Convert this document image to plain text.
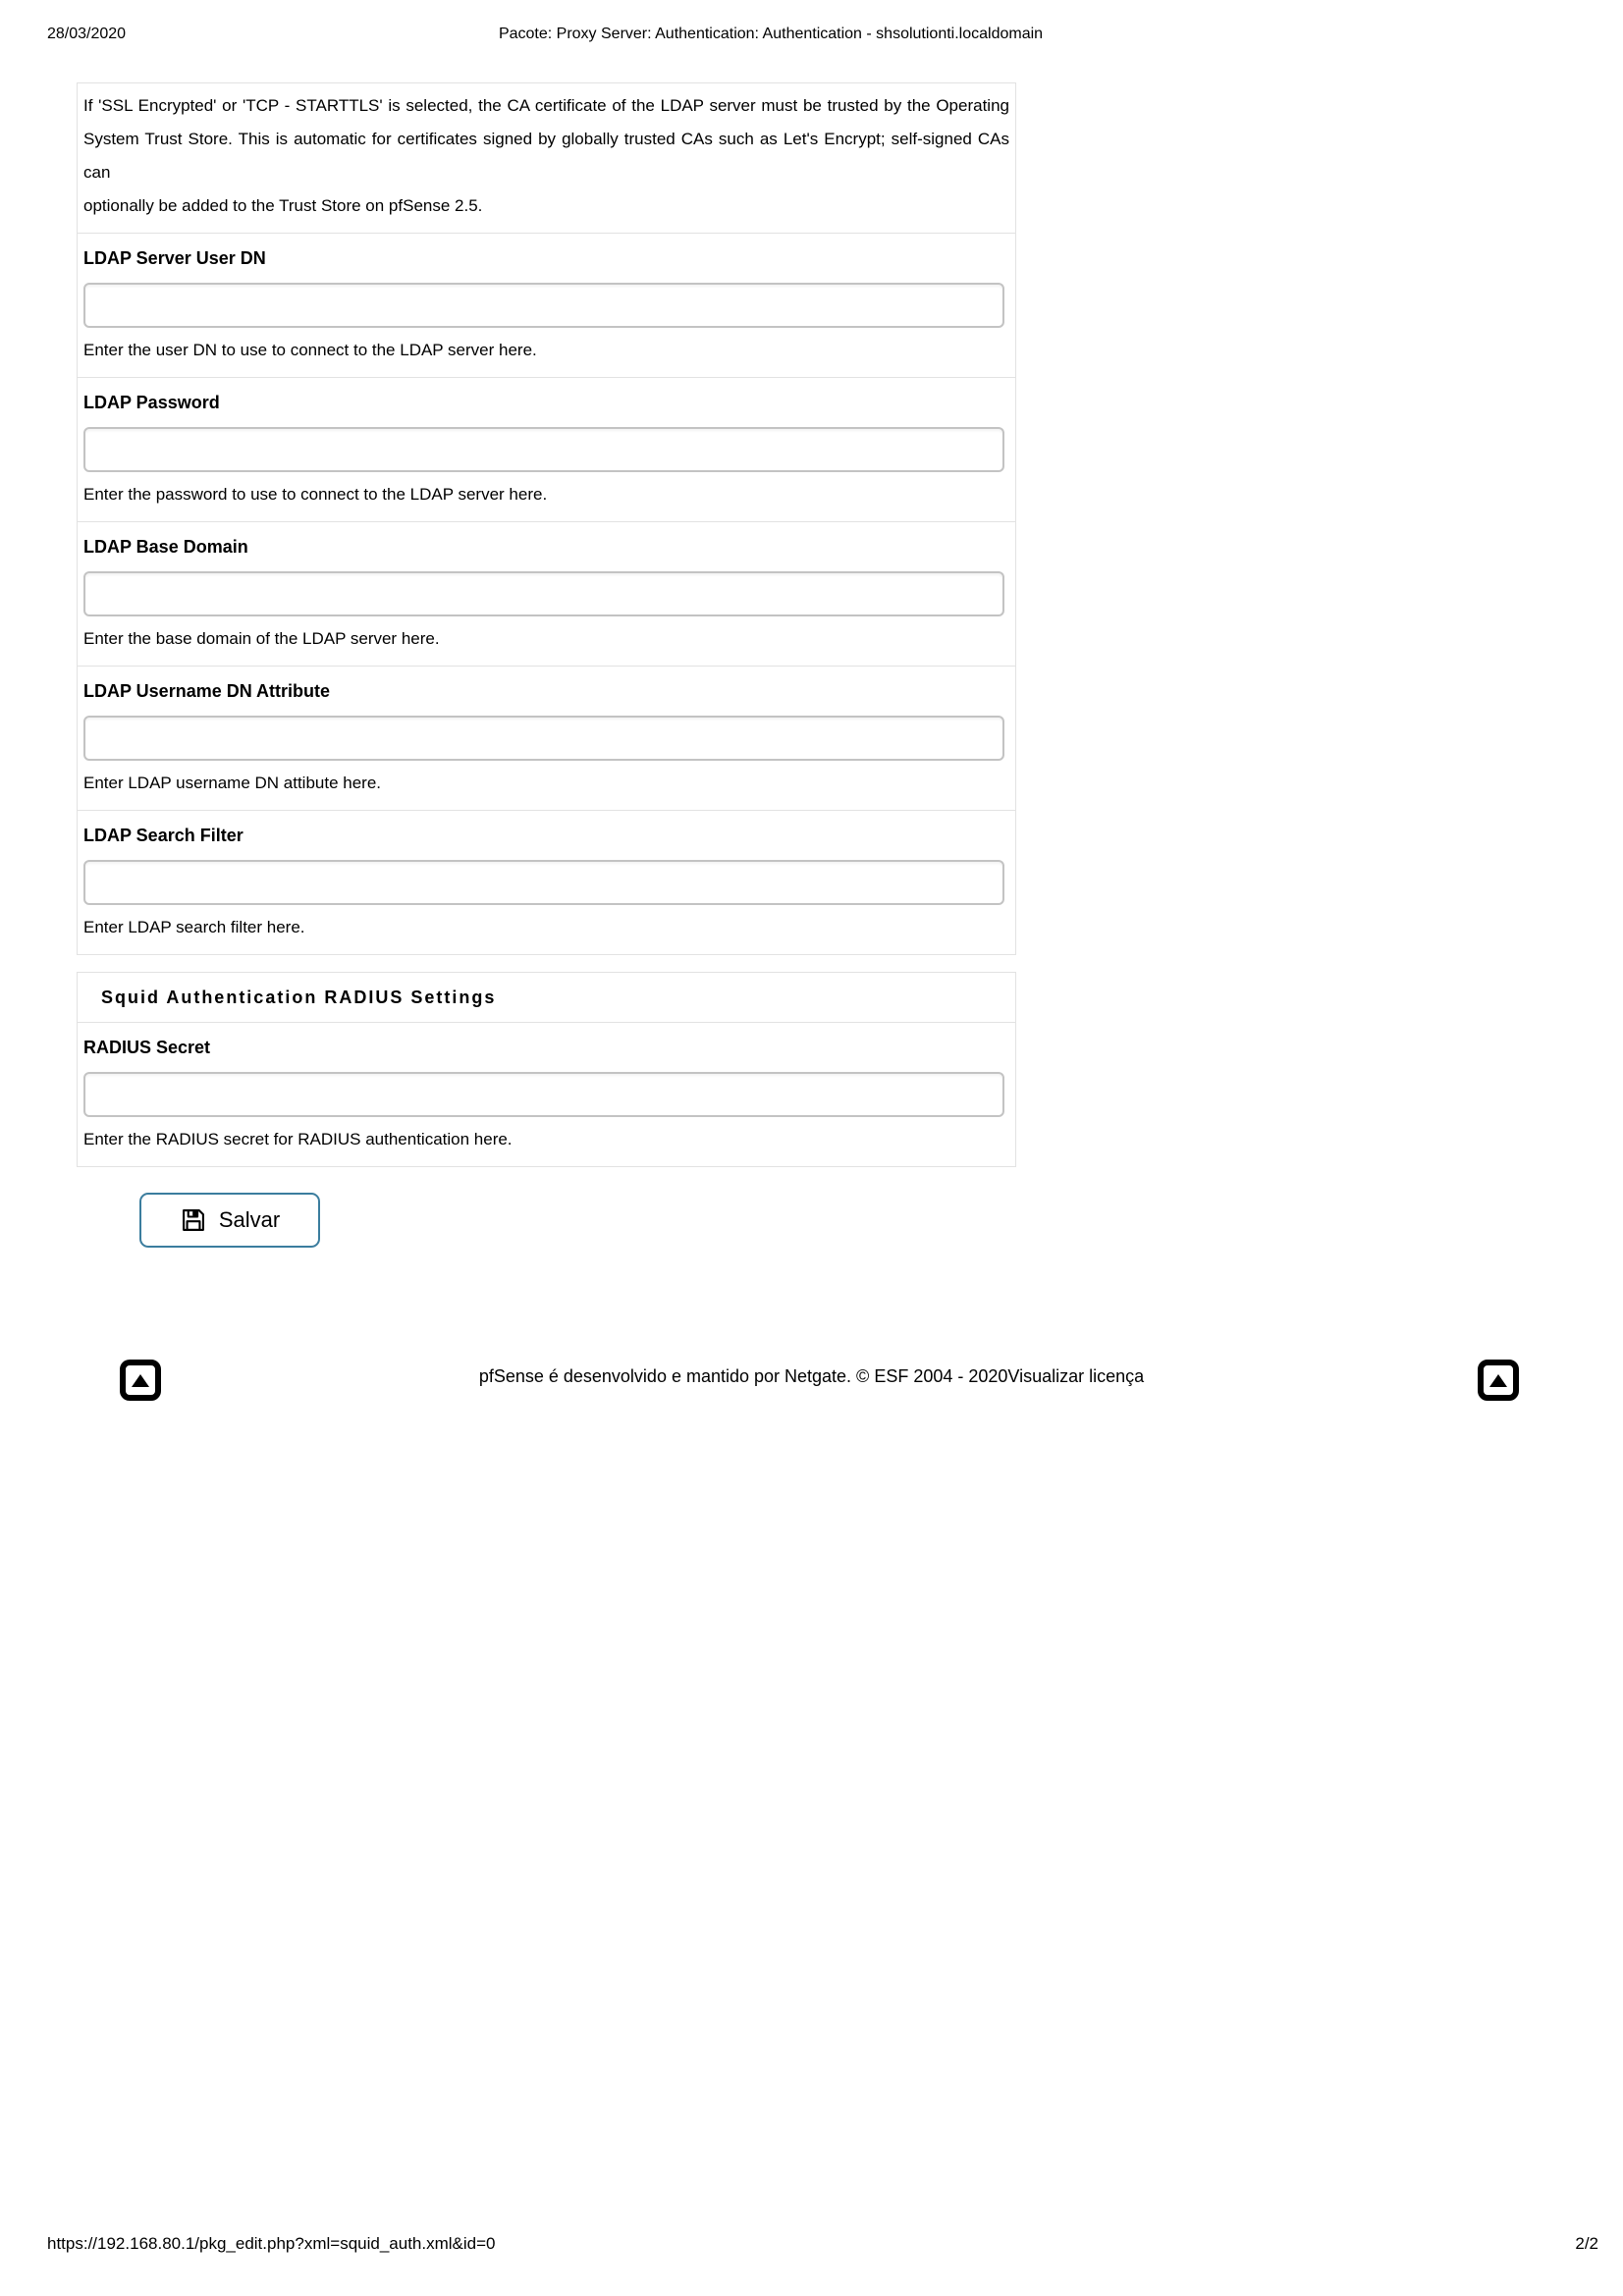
28/03/2020	Pacote: Proxy Server: Authentication: Authentication - shsolutionti.localdomain
If 'SSL Encrypted' or 'TCP - STARTTLS' is selected, the CA certificate of the LDAP server must be trusted by the Operating
System Trust Store. This is automatic for certificates signed by globally trusted CAs such as Let's Encrypt; self-signed CAs can
optionally be added to the Trust Store on pfSense 2.5.
LDAP Server User DN
Enter the user DN to use to connect to the LDAP server here.
LDAP Password
Enter the password to use to connect to the LDAP server here.
LDAP Base Domain
Enter the base domain of the LDAP server here.
LDAP Username DN Attribute
Enter LDAP username DN attibute here.
LDAP Search Filter
Enter LDAP search filter here.
Squid Authentication RADIUS Settings
RADIUS Secret
Enter the RADIUS secret for RADIUS authentication here.
Salvar
pfSense é desenvolvido e mantido por Netgate. © ESF 2004 - 2020Visualizar licença
https://192.168.80.1/pkg_edit.php?xml=squid_auth.xml&id=0	2/2
